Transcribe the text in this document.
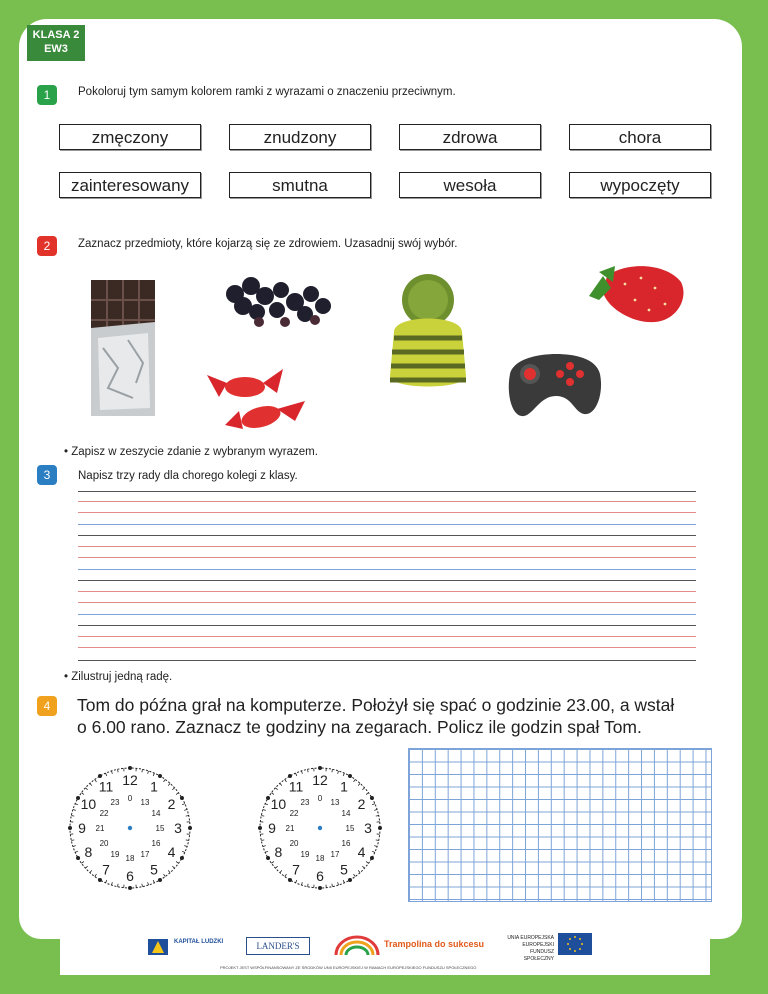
KLASA 2
EW3
1	Pokoloruj tym samym kolorem ramki z wyrazami o znaczeniu przeciwnym.
zmęczony	znudzony	zdrowa	chora
zainteresowany	smutna	wesoła	wypoczęty
2	Zaznacz przedmioty, które kojarzą się ze zdrowiem. Uzasadnij swój wybór.
• Zapisz w zeszycie zdanie z wybranym wyrazem.
3	Napisz trzy rady dla chorego kolegi z klasy.
• Zilustruj jedną radę.
4	Tom do późna grał na komputerze. Położył się spać o godzinie 23.00, a wstał
o 6.00 rano. Zaznacz te godziny na zegarach. Policz ile godzin spał Tom.
12
0
1
13 2
14
3
15
4
16
5
17
6
18
7
19
8
20
9 21
10
22
11
23
12
0
1
13 2
14
3
15
4
16
5
17
6
18
7
19
8
20
9 21
10
22
11
23
KAPITAŁ LUDZKI	LANDER'S	Trampolina do sukcesu
UNIA EUROPEJSKA
EUROPEJSKI
FUNDUSZ SPOŁECZNY
PROJEKT JEST WSPÓŁFINANSOWANY ZE ŚRODKÓW UNII EUROPEJSKIEJ W RAMACH EUROPEJSKIEGO FUNDUSZU SPOŁECZNEGO
